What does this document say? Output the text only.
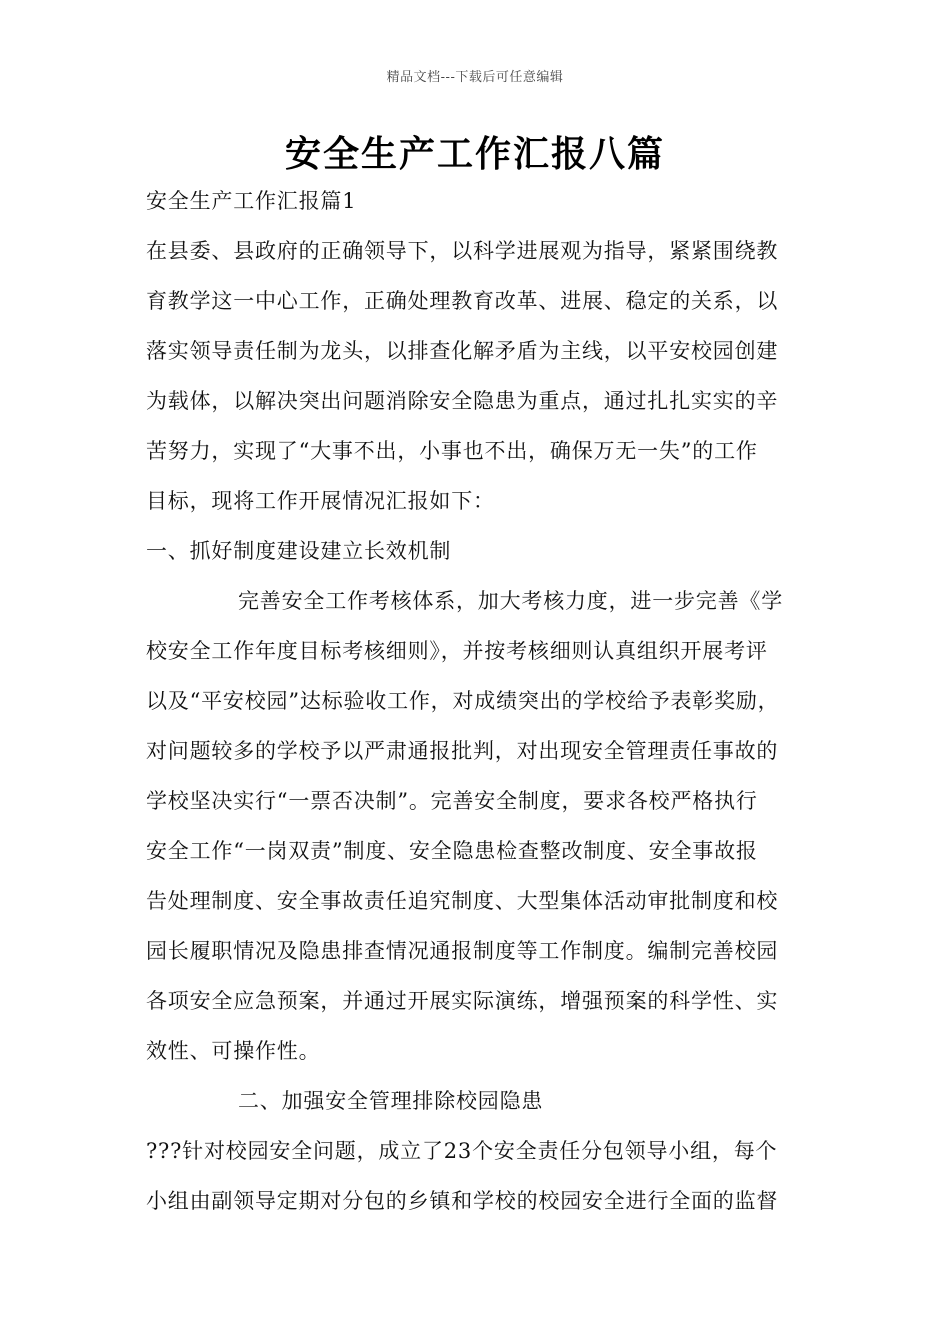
精品文档---下载后可任意编辑
安全生产工作汇报八篇
安全生产工作汇报篇1
在县委、县政府的正确领导下，以科学进展观为指导，紧紧围绕教
育教学这一中心工作，正确处理教育改革、进展、稳定的关系，以
落实领导责任制为龙头，以排查化解矛盾为主线，以平安校园创建
为载体，以解决突出问题消除安全隐患为重点，通过扎扎实实的辛
苦努力，实现了“大事不出，小事也不出，确保万无一失”的工作
目标，现将工作开展情况汇报如下：
一、抓好制度建设建立长效机制
完善安全工作考核体系，加大考核力度，进一步完善《学
校安全工作年度目标考核细则》，并按考核细则认真组织开展考评
以及“平安校园”达标验收工作，对成绩突出的学校给予表彰奖励，
对问题较多的学校予以严肃通报批判，对出现安全管理责任事故的
学校坚决实行“一票否决制”。完善安全制度，要求各校严格执行
安全工作“一岗双责”制度、安全隐患检查整改制度、安全事故报
告处理制度、安全事故责任追究制度、大型集体活动审批制度和校
园长履职情况及隐患排查情况通报制度等工作制度。编制完善校园
各项安全应急预案，并通过开展实际演练，增强预案的科学性、实
效性、可操作性。
二、加强安全管理排除校园隐患
???针对校园安全问题，成立了23个安全责任分包领导小组，每个
小组由副领导定期对分包的乡镇和学校的校园安全进行全面的监督
